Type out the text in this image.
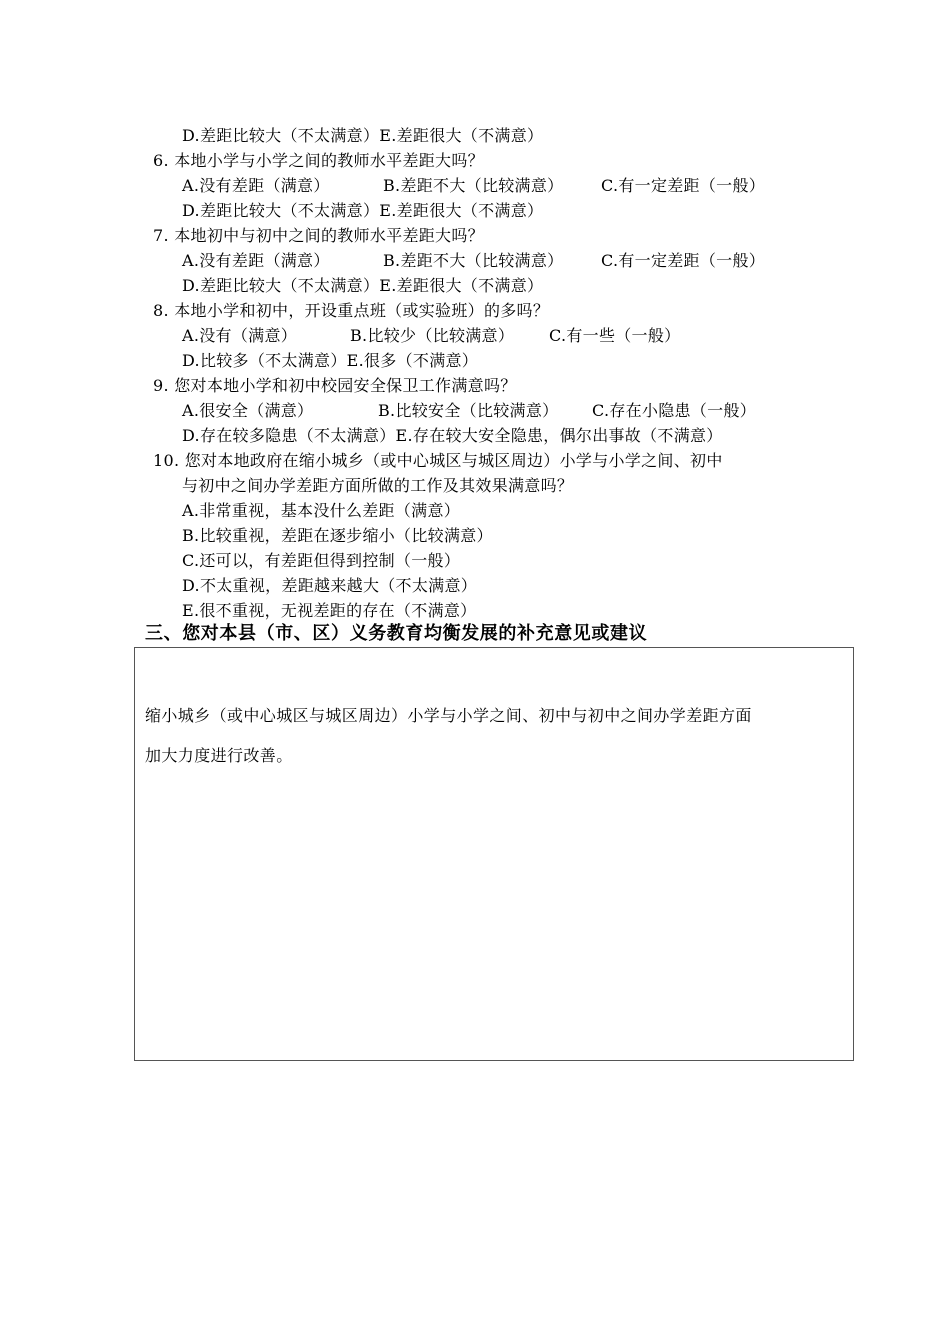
D.差距比较大（不太满意）E.差距很大（不满意）
6. 本地小学与小学之间的教师水平差距大吗？
A.没有差距（满意）	B.差距不大（比较满意） C.有一定差距（一般）
D.差距比较大（不太满意）E.差距很大（不满意）
7. 本地初中与初中之间的教师水平差距大吗？
A.没有差距（满意）	B.差距不大（比较满意） C.有一定差距（一般）
D.差距比较大（不太满意）E.差距很大（不满意）
8. 本地小学和初中，开设重点班（或实验班）的多吗？
A.没有（满意）	B.比较少（比较满意） C.有一些（一般）
D.比较多（不太满意）E.很多（不满意）
9. 您对本地小学和初中校园安全保卫工作满意吗？
A.很安全（满意）	B.比较安全（比较满意） C.存在小隐患（一般）
D.存在较多隐患（不太满意）E.存在较大安全隐患，偶尔出事故（不满意）
10. 您对本地政府在缩小城乡（或中心城区与城区周边）小学与小学之间、初中
与初中之间办学差距方面所做的工作及其效果满意吗？
A.非常重视，基本没什么差距（满意）
B.比较重视，差距在逐步缩小（比较满意）
C.还可以，有差距但得到控制（一般）
D.不太重视，差距越来越大（不太满意）
E.很不重视，无视差距的存在（不满意）
三、您对本县（市、区）义务教育均衡发展的补充意见或建议
缩小城乡（或中心城区与城区周边）小学与小学之间、初中与初中之间办学差距方面
加大力度进行改善。
